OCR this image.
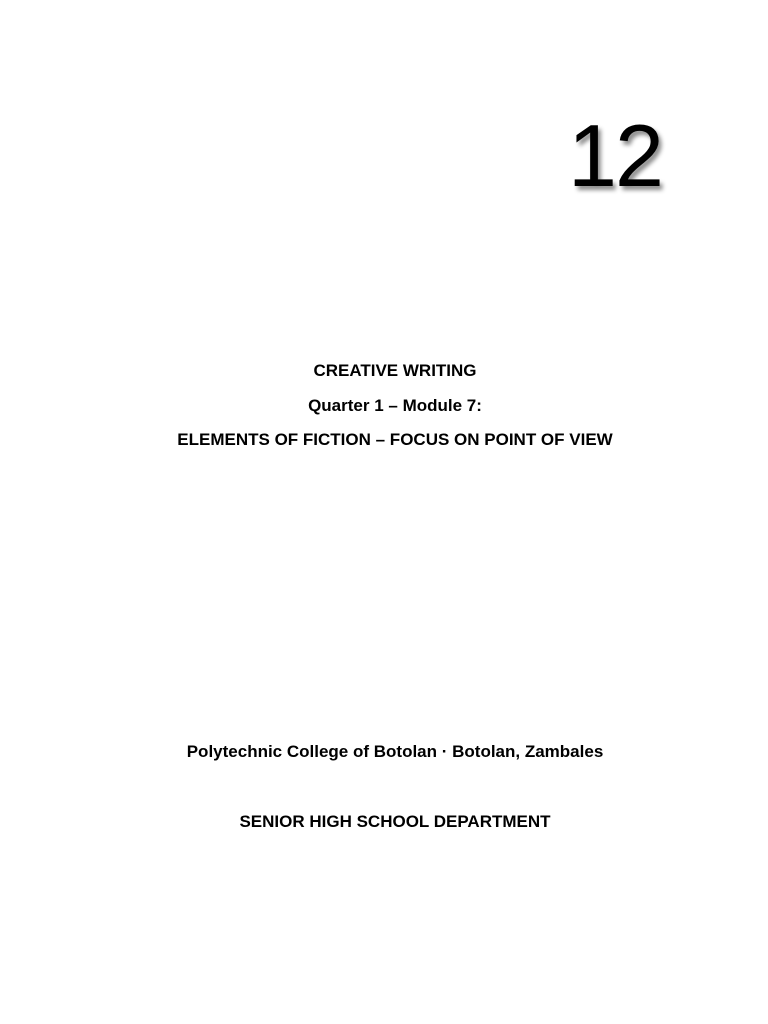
12
CREATIVE WRITING
Quarter 1 – Module 7:
ELEMENTS OF FICTION – FOCUS ON POINT OF VIEW
Polytechnic College of Botolan · Botolan, Zambales
SENIOR HIGH SCHOOL DEPARTMENT
